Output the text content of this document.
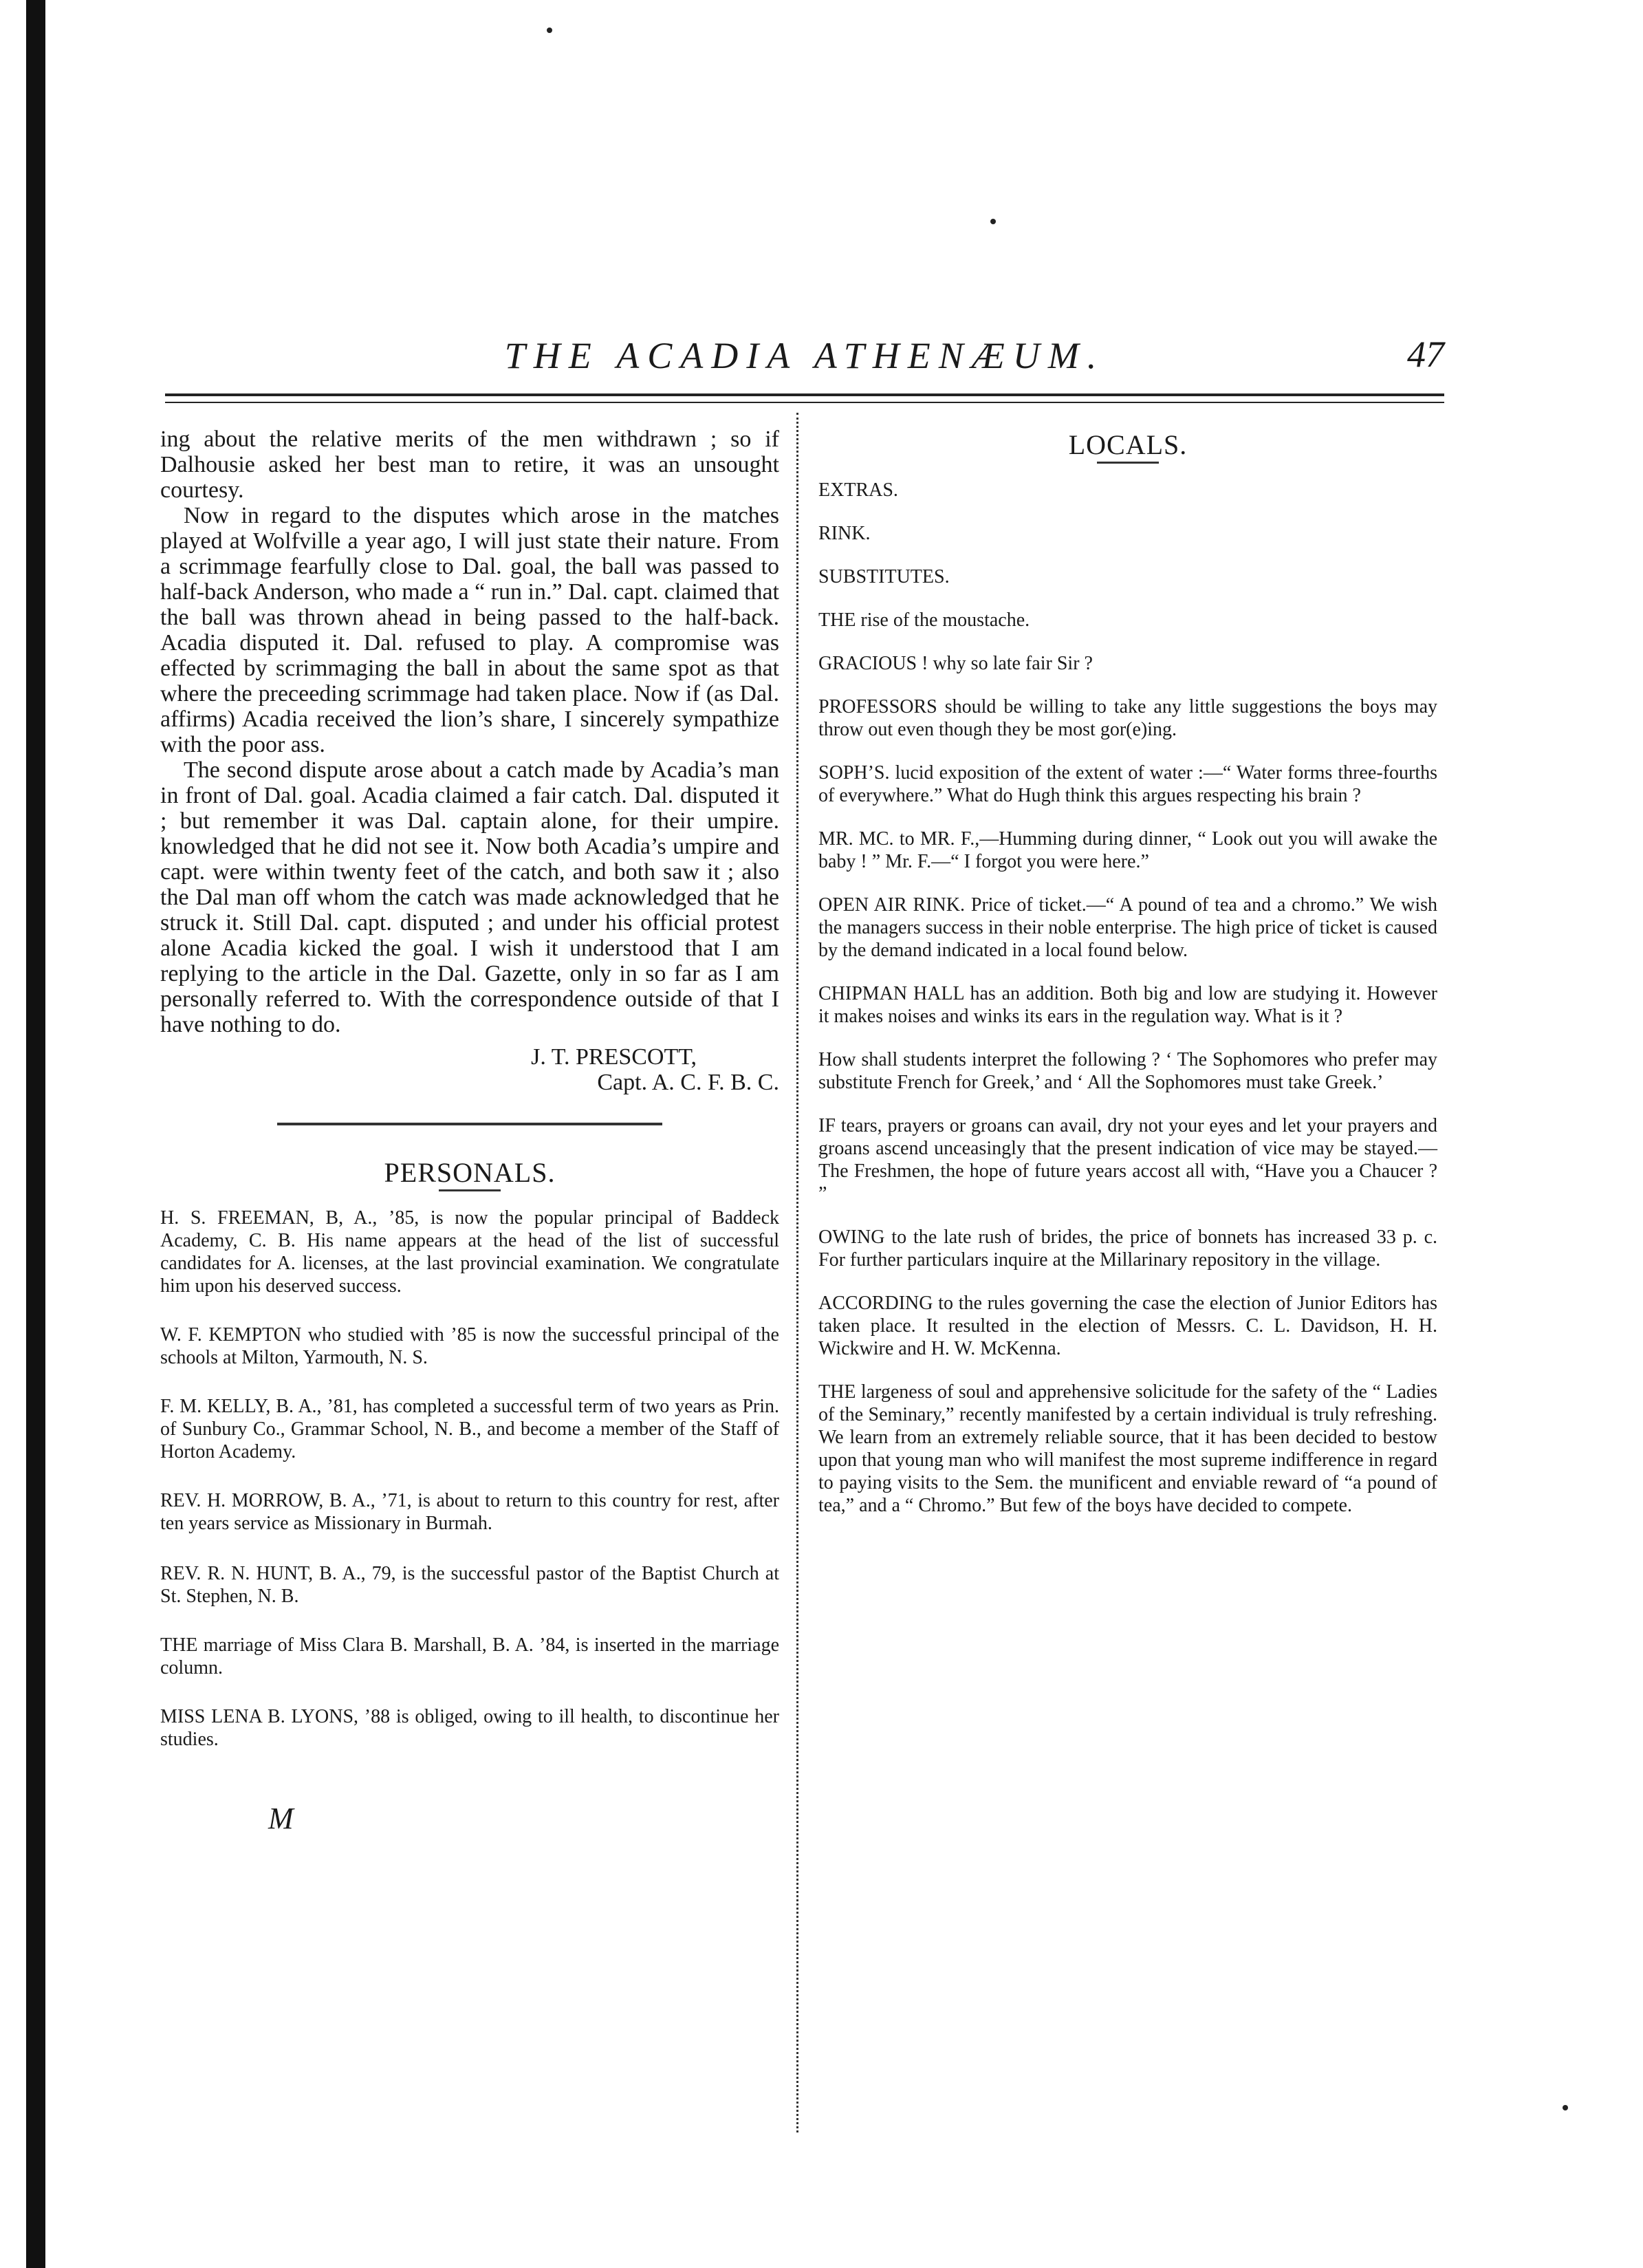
THE ACADIA ATHENÆUM.	47

ing about the relative merits of the men withdrawn ; so if Dalhousie asked her best man to retire, it was an unsought courtesy.

Now in regard to the disputes which arose in the matches played at Wolfville a year ago, I will just state their nature. From a scrimmage fearfully close to Dal. goal, the ball was passed to half-back Anderson, who made a “ run in.” Dal. capt. claimed that the ball was thrown ahead in being passed to the half-back. Acadia disputed it. Dal. refused to play. A compromise was effected by scrimmaging the ball in about the same spot as that where the preceeding scrimmage had taken place. Now if (as Dal. affirms) Acadia received the lion’s share, I sincerely sympathize with the poor ass.

The second dispute arose about a catch made by Acadia’s man in front of Dal. goal. Acadia claimed a fair catch. Dal. disputed it ; but remember it was Dal. captain alone, for their umpire. knowledged that he did not see it. Now both Acadia’s umpire and capt. were within twenty feet of the catch, and both saw it ; also the Dal man off whom the catch was made acknowledged that he struck it. Still Dal. capt. disputed ; and under his official protest alone Acadia kicked the goal. I wish it understood that I am replying to the article in the Dal. Gazette, only in so far as I am personally referred to. With the correspondence outside of that I have nothing to do.

J. T. PRESCOTT,
Capt. A. C. F. B. C.
PERSONALS.

H. S. FREEMAN, B, A., ’85, is now the popular principal of Baddeck Academy, C. B. His name appears at the head of the list of successful candidates for A. licenses, at the last provincial examination. We congratulate him upon his deserved success.

W. F. KEMPTON who studied with ’85 is now the successful principal of the schools at Milton, Yarmouth, N. S.

F. M. KELLY, B. A., ’81, has completed a successful term of two years as Prin. of Sunbury Co., Grammar School, N. B., and become a member of the Staff of Horton Academy.

REV. H. MORROW, B. A., ’71, is about to return to this country for rest, after ten years service as Missionary in Burmah.

REV. R. N. HUNT, B. A., 79, is the successful pastor of the Baptist Church at St. Stephen, N. B.

THE marriage of Miss Clara B. Marshall, B. A. ’84, is inserted in the marriage column.

MISS LENA B. LYONS, ’88 is obliged, owing to ill health, to discontinue her studies.

M
LOCALS.

EXTRAS.

RINK.

SUBSTITUTES.

THE rise of the moustache.

GRACIOUS ! why so late fair Sir ?

PROFESSORS should be willing to take any little suggestions the boys may throw out even though they be most gor(e)ing.

SOPH’S. lucid exposition of the extent of water :—“ Water forms three-fourths of everywhere.” What do Hugh think this argues respecting his brain ?

MR. MC. to MR. F.,—Humming during dinner, “ Look out you will awake the baby ! ” Mr. F.—“ I forgot you were here.”

OPEN AIR RINK. Price of ticket.—“ A pound of tea and a chromo.” We wish the managers success in their noble enterprise. The high price of ticket is caused by the demand indicated in a local found below.

CHIPMAN HALL has an addition. Both big and low are studying it. However it makes noises and winks its ears in the regulation way. What is it ?

How shall students interpret the following ? ‘ The Sophomores who prefer may substitute French for Greek,’ and ‘ All the Sophomores must take Greek.’

IF tears, prayers or groans can avail, dry not your eyes and let your prayers and groans ascend unceasingly that the present indication of vice may be stayed.—The Freshmen, the hope of future years accost all with, “Have you a Chaucer ? ”

OWING to the late rush of brides, the price of bonnets has increased 33 p. c. For further particulars inquire at the Millarinary repository in the village.

ACCORDING to the rules governing the case the election of Junior Editors has taken place. It resulted in the election of Messrs. C. L. Davidson, H. H. Wickwire and H. W. McKenna.

THE largeness of soul and apprehensive solicitude for the safety of the “ Ladies of the Seminary,” recently manifested by a certain individual is truly refreshing. We learn from an extremely reliable source, that it has been decided to bestow upon that young man who will manifest the most supreme indifference in regard to paying visits to the Sem. the munificent and enviable reward of “a pound of tea,” and a “ Chromo.” But few of the boys have decided to compete.
